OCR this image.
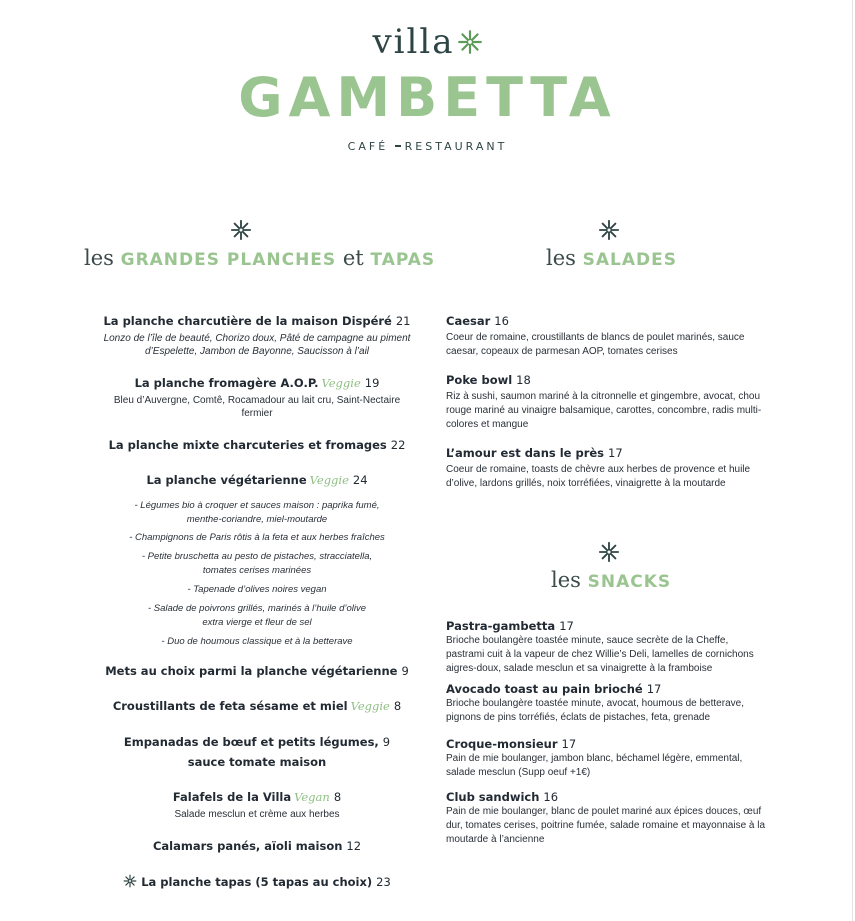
villa
GAMBETTA
CAFÉ RESTAURANT
les GRANDES PLANCHES et TAPAS
La planche charcutière de la maison Dispéré 21
Lonzo de l’île de beauté, Chorizo doux, Pâté de campagne au piment
d’Espelette, Jambon de Bayonne, Saucisson à l’ail
La planche fromagère A.O.P. Veggie 19
Bleu d’Auvergne, Comtê, Rocamadour au lait cru, Saint-Nectaire
fermier
La planche mixte charcuteries et fromages 22
La planche végétarienne Veggie 24
- Légumes bio à croquer et sauces maison : paprika fumé,
menthe-coriandre, miel-moutarde
- Champignons de Paris rôtis à la feta et aux herbes fraîches
- Petite bruschetta au pesto de pistaches, stracciatella,
tomates cerises marinées
- Tapenade d’olives noires vegan
- Salade de poivrons grillés, marinés à l’huile d’olive
extra vierge et fleur de sel
- Duo de houmous classique et à la betterave
Mets au choix parmi la planche végétarienne 9
Croustillants de feta sésame et miel Veggie 8
Empanadas de bœuf et petits légumes, 9
sauce tomate maison
Falafels de la Villa Vegan 8
Salade mesclun et crème aux herbes
Calamars panés, aïoli maison 12
La planche tapas (5 tapas au choix) 23
les SALADES
Caesar 16
Coeur de romaine, croustillants de blancs de poulet marinés, sauce
caesar, copeaux de parmesan AOP, tomates cerises
Poke bowl 18
Riz à sushi, saumon mariné à la citronnelle et gingembre, avocat, chou
rouge mariné au vinaigre balsamique, carottes, concombre, radis multi-
colores et mangue
L’amour est dans le près 17
Coeur de romaine, toasts de chèvre aux herbes de provence et huile
d’olive, lardons grillés, noix torréfiées, vinaigrette à la moutarde
les SNACKS
Pastra-gambetta 17
Brioche boulangère toastée minute, sauce secrète de la Cheffe,
pastrami cuit à la vapeur de chez Willie’s Deli, lamelles de cornichons
aigres-doux, salade mesclun et sa vinaigrette à la framboise
Avocado toast au pain brioché 17
Brioche boulangère toastée minute, avocat, houmous de betterave,
pignons de pins torréfiés, éclats de pistaches, feta, grenade
Croque-monsieur 17
Pain de mie boulanger, jambon blanc, béchamel légère, emmental,
salade mesclun (Supp oeuf +1€)
Club sandwich 16
Pain de mie boulanger, blanc de poulet mariné aux épices douces, œuf
dur, tomates cerises, poitrine fumée, salade romaine et mayonnaise à la
moutarde à l’ancienne
